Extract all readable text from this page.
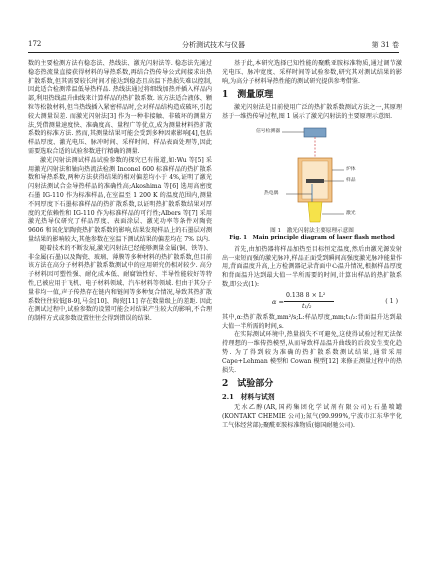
172	分析测试技术与仪器	第 31 卷

数的主要检测方法有稳态法、热线法、激光闪射法等. 稳态法先通过稳态热流量直接获得材料的导热系数,再结合热传导公式间接求出热扩散系数,但其需要较长时间才能达到稳态且高温下热损失难以控制,因此适合检测常温低导热样品. 热线法通过将细线加热并插入样品内部,利用热线温升曲线来计算样品的热扩散系数. 该方法适合液体、颗粒等松散材料,但当热线插入紧密样品时,会对样品结构造成破坏,引起较大测量误差. 而激光闪射法[3] 作为一种非接触、非破坏的测量方法,凭借测量速度快、准确度高、量程广等优点,成为测量材料热扩散系数的标准方法. 然而,其测量结果可能会受到多种因素影响[4],包括样品厚度、激光电压、脉冲时间、采样时间、样品表面处理等,因此需要选取合适的试验参数进行精确的测量.

激光闪射法测试样品试验参数的探究已有报道,如:Wu 等[5] 采用激光闪射法和轴向热流法检测 Inconel 600 标准样品的热扩散系数和导热系数,两种方法获得结果的相对偏差均小于 4%,证明了激光闪射法测试合金导热样品的准确性高;Akoshima 等[6] 选用高密度石墨 IG-110 作为标准样品,在室温至 1 200 K 的温度范围内,测量不同厚度下石墨标准样品的热扩散系数,以证明热扩散系数结果对厚度的无依赖性和 IG-110 作为标准样品的可行性;Albers 等[7] 采用激光热导仪研究了样品厚度、表面涂层、激光功率等条件对陶瓷 9606 和氧化铝陶瓷热扩散系数的影响,结果发现样品上的石墨层对测量结果的影响较大,其他参数在室温下测试结果的偏差均在 7% 以内.

随着技术的不断发展,激光闪射法已经能够测量金属(铜、铁等)、非金属(石墨)以及陶瓷、玻璃、薄膜等多种材料的热扩散系数,但目前该方法在高分子材料热扩散系数测试中的应用研究仍相对较少. 高分子材料因可塑性强、耐化成本低、耐腐蚀性好、半导性能较好等特性,已被应用于飞机、电子材料领域、汽车材料等领域. 但由于其分子量非均一值,声子传热存在链内和链间等多种复合情况,导致其热扩散系数往往较低[8-9],马金[10]、陶瓷[11] 存在数量级上的差距. 因此在测试过程中,试验参数的设置可能会对结果产生较大的影响,不合理的制样方式或参数设置往往会得到错误的结果.

基于此,本研究选择已知性能的聚酰亚胺标准物质,通过调节激光电压、脉冲宽度、采样时间等试验参数,研究其对测试结果的影响,为高分子材料导热性能的测试研究提供参考借鉴.

1　测量原理

激光闪射法是目前使用广泛的热扩散系数测试方法之一,其原理基于一维热传导过程,图 1 展示了激光闪射法的主要原理示意图.

信号检测器
炉体
样品
热电偶
激光
图 1　激光闪射法主要原理示意图
Fig. 1　Main principle diagram of laser flash method

首先,由加热器将样品加热至目标恒定温度,然后由激光源发射出一束短而强的激光脉冲,样品正面受到瞬间高强度激光脉冲能量作用,背面温度升高,上方检测器记录背面中心温升情况,根据样品厚度和背面温升达到最大值一半所需要的时间,计算出样品的热扩散系数,即公式(1):

α =
0.138 8 × L²
t₁/₂
( 1 )

其中,α:热扩散系数,mm²/s;L:样品厚度,mm;t₁/₂:背面温升达到最大值一半所需的时间,s.

在实际测试环境中,热量损失不可避免,这使得试验过程无法保持理想的一维传热模型,从而导致样品温升曲线的后段发生变化趋势. 为了得到较为准确的热扩散系数测试结果,通常采用 Cape+Lehman 模型和 Cowan 模型[12] 来修正测量过程中的热损失.

2　试验部分
2.1　材料与试剂

无水乙醇(AR,国药集团化学试剂有限公司);石墨喷罐(KONTAKT CHEMIE 公司);氮气(99.999%,宁波市江东华宇化工气体经营部);聚酰亚胺标准物质(德国耐驰公司).
